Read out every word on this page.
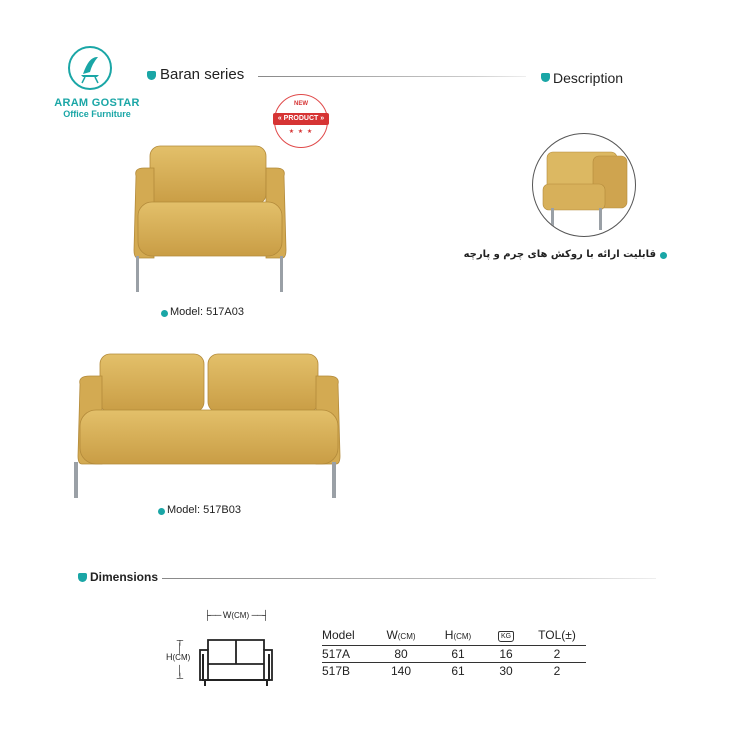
ARAM GOSTAR
Office Furniture
Baran series	Description
NEW
« PRODUCT »
★ ★ ★
Model: 517A03
Model: 517B03
قابلیت ارائه با روکش های چرم و پارچه
Dimensions
├── W(CM) ──┤
┬
│
H(CM)
│
┴
Model	W(CM)	H(CM)	KG	TOL(±)
517A	80	61	16	2
517B	140	61	30	2
